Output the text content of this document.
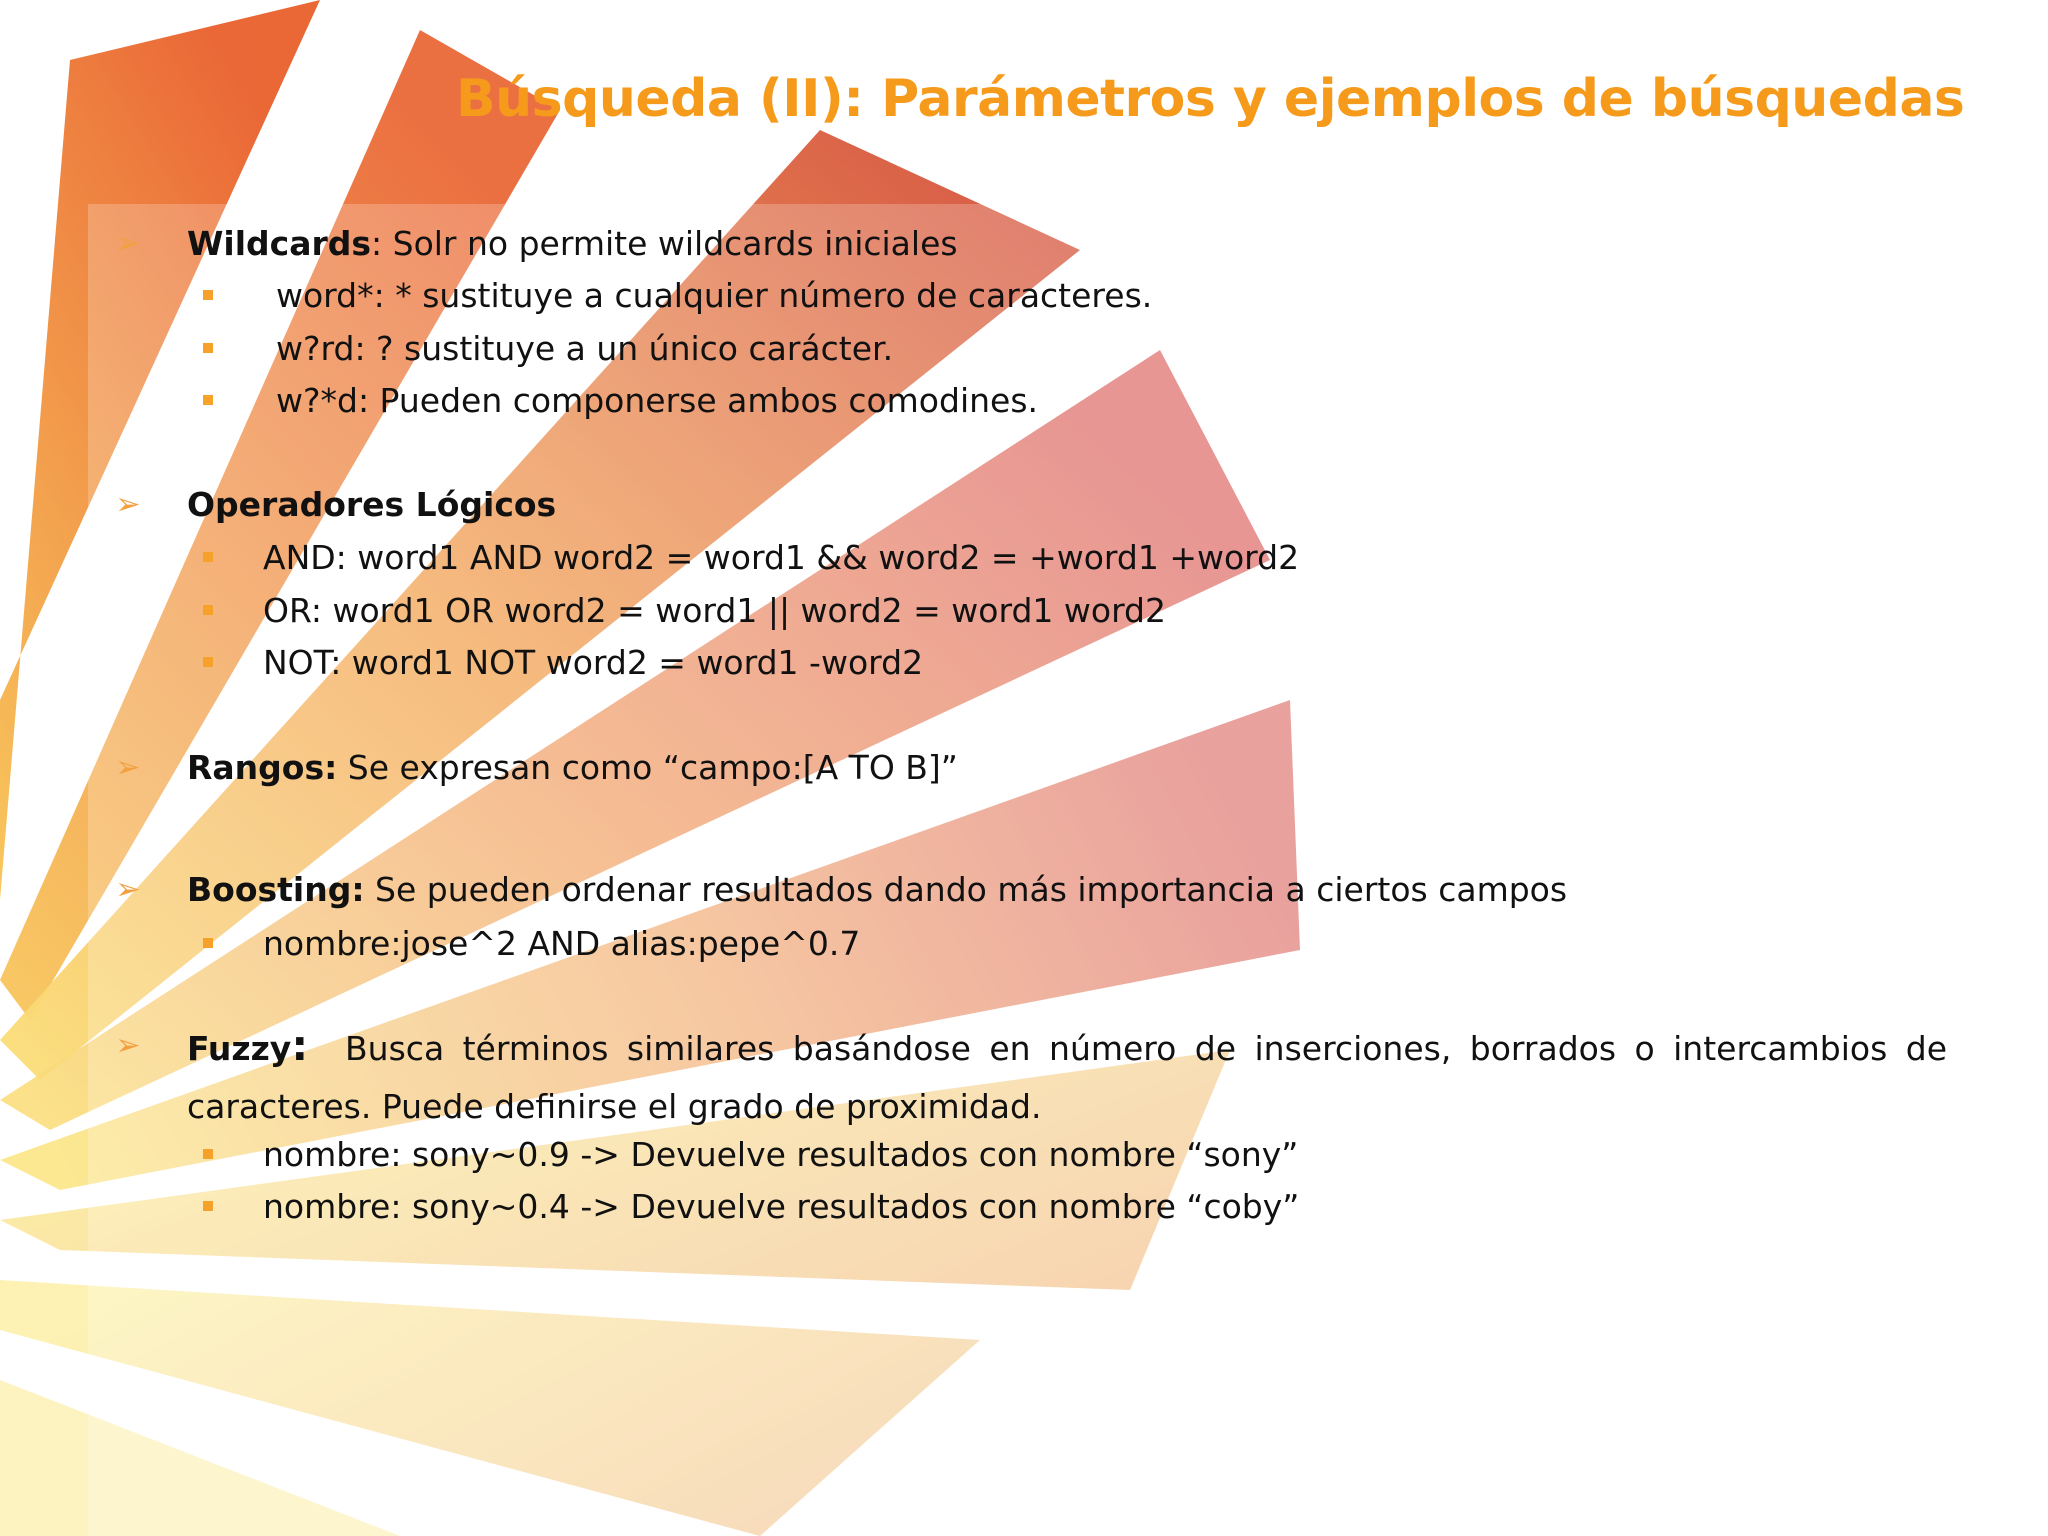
Búsqueda (II): Parámetros y ejemplos de búsquedas
➢ Wildcards: Solr no permite wildcards iniciales
word*: * sustituye a cualquier número de caracteres.
w?rd: ? sustituye a un único carácter.
w?*d: Pueden componerse ambos comodines.
➢ Operadores Lógicos
AND: word1 AND word2 = word1 && word2 = +word1 +word2
OR: word1 OR word2 = word1 || word2 = word1 word2
NOT: word1 NOT word2 = word1 -word2
➢ Rangos: Se expresan como “campo:[A TO B]”
➢ Boosting: Se pueden ordenar resultados dando más importancia a ciertos campos
nombre:jose^2 AND alias:pepe^0.7
➢ Fuzzy: Busca términos similares basándose en número de inserciones, borrados o intercambios de caracteres. Puede definirse el grado de proximidad.
nombre: sony~0.9 -> Devuelve resultados con nombre “sony”
nombre: sony~0.4 -> Devuelve resultados con nombre “coby”
